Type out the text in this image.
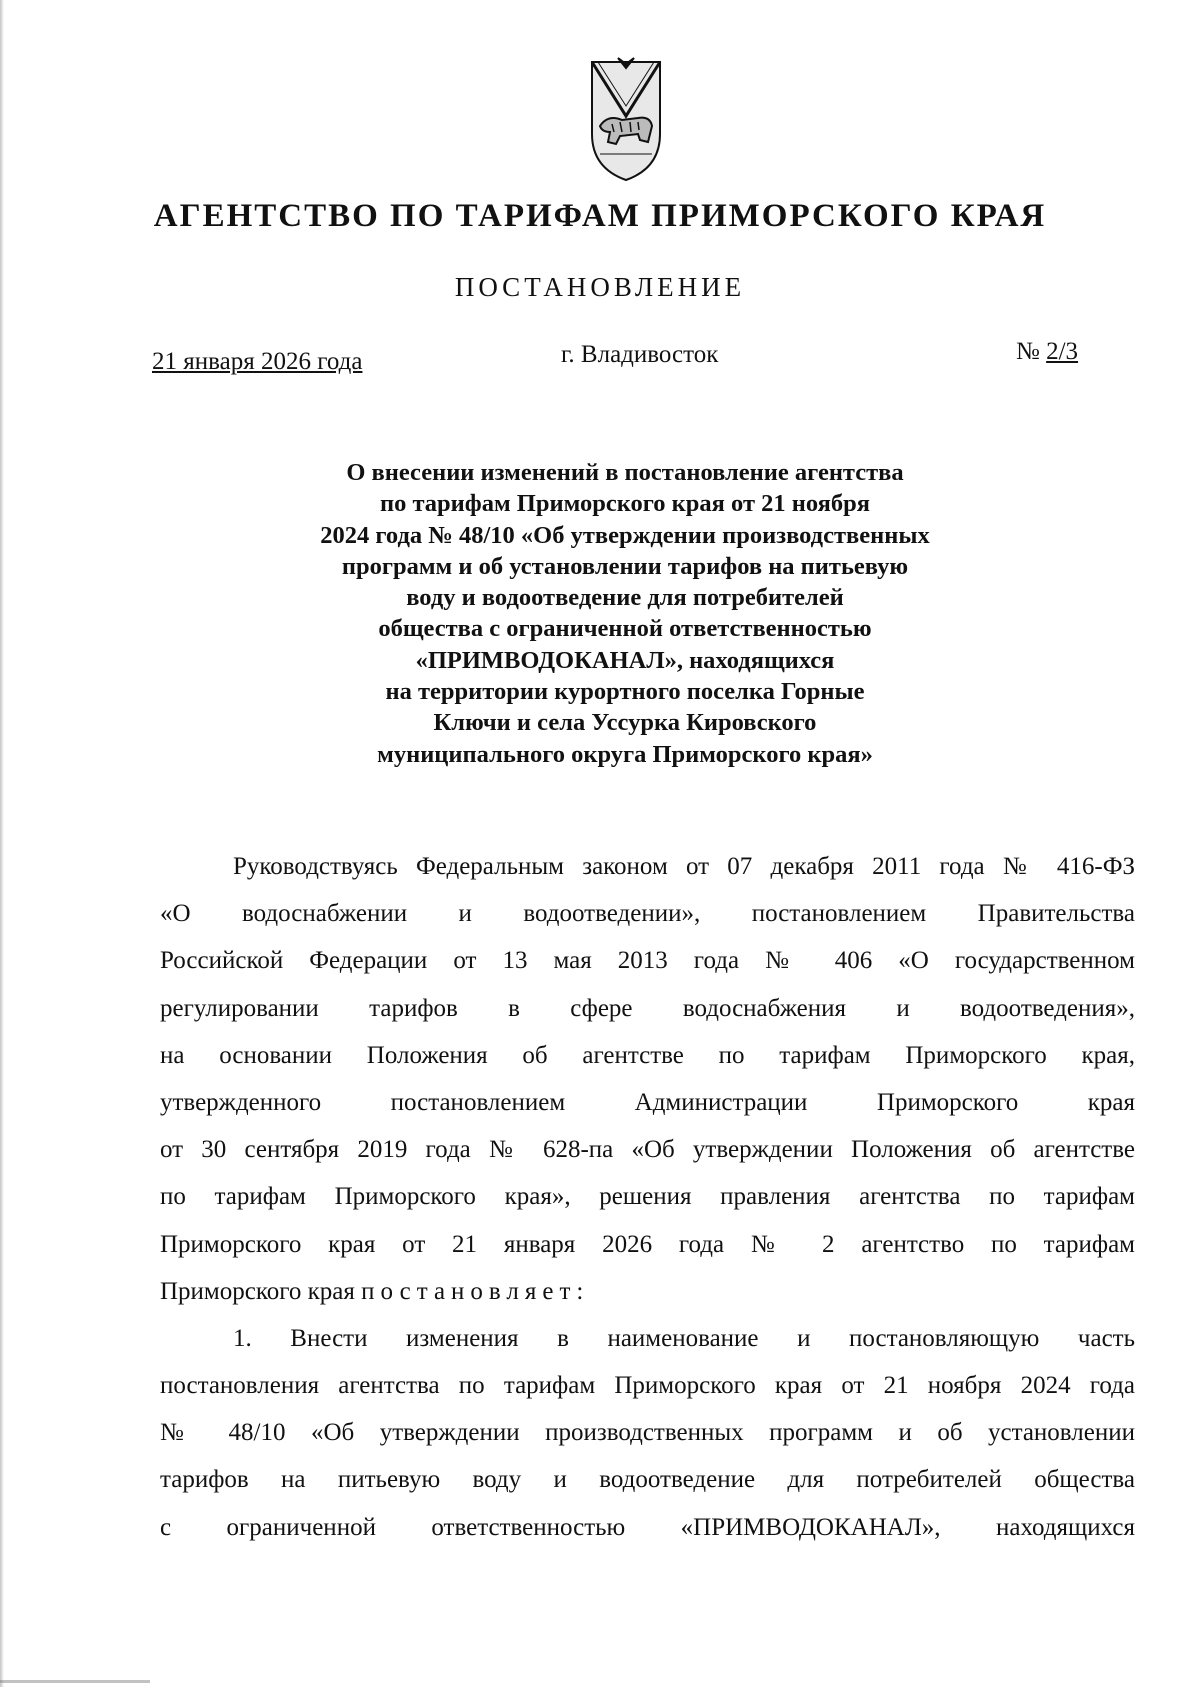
АГЕНТСТВО ПО ТАРИФАМ ПРИМОРСКОГО КРАЯ
ПОСТАНОВЛЕНИЕ
21 января 2026 года	г. Владивосток	№ 2/3
О внесении изменений в постановление агентства
по тарифам Приморского края от 21 ноября
2024 года № 48/10 «Об утверждении производственных
программ и об установлении тарифов на питьевую
воду и водоотведение для потребителей
общества с ограниченной ответственностью
«ПРИМВОДОКАНАЛ», находящихся
на территории курортного поселка Горные
Ключи и села Уссурка Кировского
муниципального округа Приморского края»
Руководствуясь Федеральным законом от 07 декабря 2011 года № 416-ФЗ
«О водоснабжении и водоотведении», постановлением Правительства
Российской Федерации от 13 мая 2013 года № 406 «О государственном
регулировании тарифов в сфере водоснабжения и водоотведения»,
на основании Положения об агентстве по тарифам Приморского края,
утвержденного постановлением Администрации Приморского края
от 30 сентября 2019 года № 628-па «Об утверждении Положения об агентстве
по тарифам Приморского края», решения правления агентства по тарифам
Приморского края от 21 января 2026 года № 2 агентство по тарифам
Приморского края постановляет:
1. Внести изменения в наименование и постановляющую часть
постановления агентства по тарифам Приморского края от 21 ноября 2024 года
№ 48/10 «Об утверждении производственных программ и об установлении
тарифов на питьевую воду и водоотведение для потребителей общества
с ограниченной ответственностью «ПРИМВОДОКАНАЛ», находящихся
